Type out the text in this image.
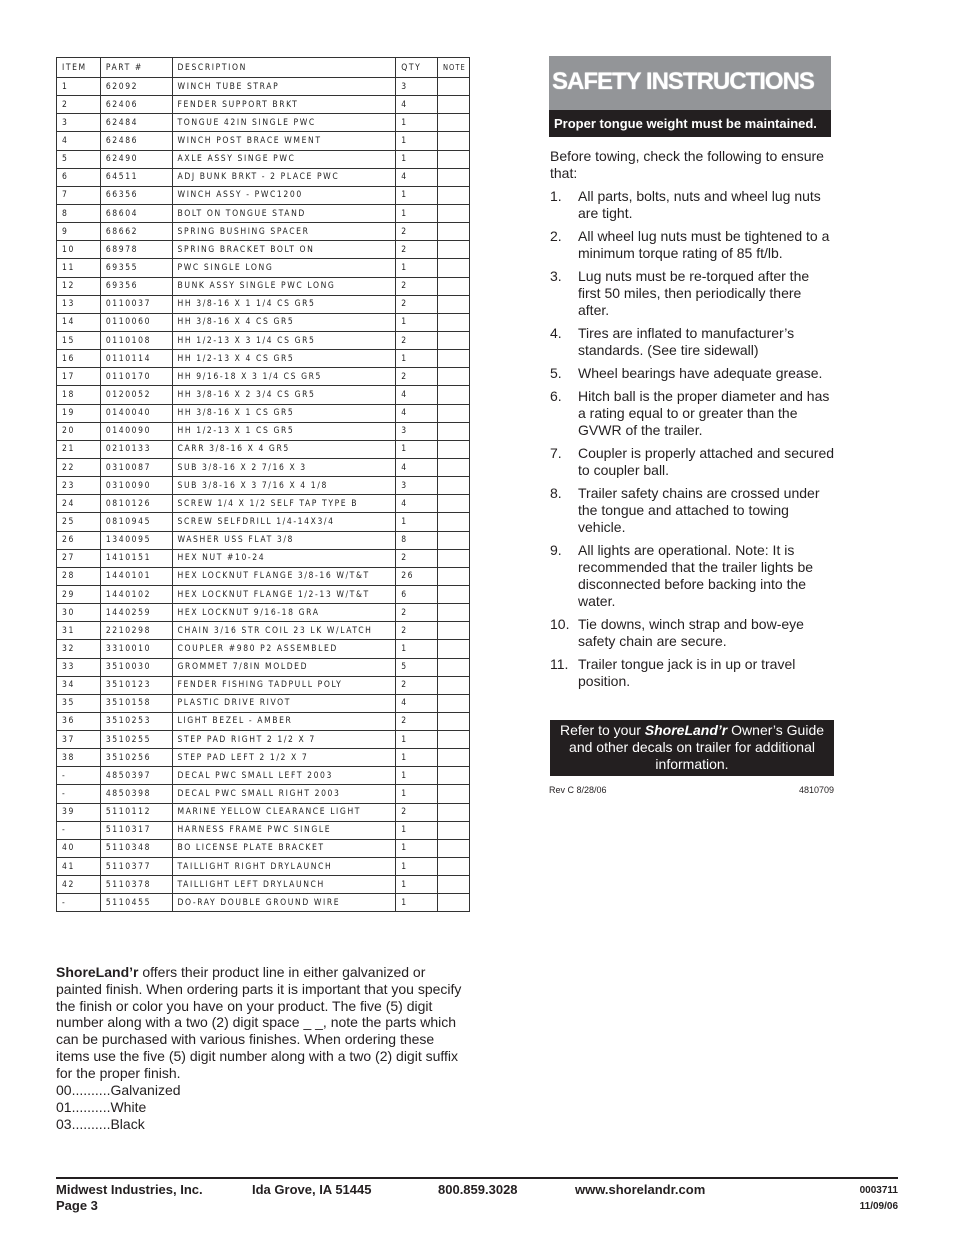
ITEM	PART #	DESCRIPTION	QTY	NOTE
1	62092	WINCH TUBE STRAP	3	
2	62406	FENDER SUPPORT BRKT	4	
3	62484	TONGUE 42IN SINGLE PWC	1	
4	62486	WINCH POST BRACE WMENT	1	
5	62490	AXLE ASSY SINGE PWC	1	
6	64511	ADJ BUNK BRKT - 2 PLACE PWC	4	
7	66356	WINCH ASSY - PWC1200	1	
8	68604	BOLT ON TONGUE STAND	1	
9	68662	SPRING BUSHING SPACER	2	
10	68978	SPRING BRACKET BOLT ON	2	
11	69355	PWC SINGLE LONG	1	
12	69356	BUNK ASSY SINGLE PWC LONG	2	
13	0110037	HH 3/8-16 X 1 1/4 CS GR5	2	
14	0110060	HH 3/8-16 X 4 CS GR5	1	
15	0110108	HH 1/2-13 X 3 1/4 CS GR5	2	
16	0110114	HH 1/2-13 X 4 CS GR5	1	
17	0110170	HH 9/16-18 X 3 1/4 CS GR5	2	
18	0120052	HH 3/8-16 X 2 3/4 CS GR5	4	
19	0140040	HH 3/8-16 X 1 CS GR5	4	
20	0140090	HH 1/2-13 X 1 CS GR5	3	
21	0210133	CARR 3/8-16 X 4 GR5	1	
22	0310087	SUB 3/8-16 X 2 7/16 X 3	4	
23	0310090	SUB 3/8-16 X 3 7/16 X 4 1/8	3	
24	0810126	SCREW 1/4 X 1/2 SELF TAP TYPE B	4	
25	0810945	SCREW SELFDRILL 1/4-14X3/4	1	
26	1340095	WASHER USS FLAT 3/8	8	
27	1410151	HEX NUT #10-24	2	
28	1440101	HEX LOCKNUT FLANGE 3/8-16 W/T&T	26	
29	1440102	HEX LOCKNUT FLANGE 1/2-13 W/T&T	6	
30	1440259	HEX LOCKNUT 9/16-18 GRA	2	
31	2210298	CHAIN 3/16 STR COIL 23 LK W/LATCH	2	
32	3310010	COUPLER #980 P2 ASSEMBLED	1	
33	3510030	GROMMET 7/8IN MOLDED	5	
34	3510123	FENDER FISHING TADPULL POLY	2	
35	3510158	PLASTIC DRIVE RIVOT	4	
36	3510253	LIGHT BEZEL - AMBER	2	
37	3510255	STEP PAD RIGHT 2 1/2 X 7	1	
38	3510256	STEP PAD LEFT 2 1/2 X 7	1	
-	4850397	DECAL PWC SMALL LEFT 2003	1	
-	4850398	DECAL PWC SMALL RIGHT 2003	1	
39	5110112	MARINE YELLOW CLEARANCE LIGHT	2	
-	5110317	HARNESS FRAME PWC SINGLE	1	
40	5110348	BO LICENSE PLATE BRACKET	1	
41	5110377	TAILLIGHT RIGHT DRYLAUNCH	1	
42	5110378	TAILLIGHT LEFT DRYLAUNCH	1	
-	5110455	DO-RAY DOUBLE GROUND WIRE	1	
SAFETY INSTRUCTIONS
Proper tongue weight must be maintained.

Before towing, check the following to ensure that:

1. All parts, bolts, nuts and wheel lug nuts are tight.
2. All wheel lug nuts must be tightened to a minimum torque rating of 85 ft/lb.
3. Lug nuts must be re-torqued after the first 50 miles, then periodically there after.
4. Tires are inflated to manufacturer’s standards. (See tire sidewall)
5. Wheel bearings have adequate grease.
6. Hitch ball is the proper diameter and has a rating equal to or greater than the GVWR of the trailer.
7. Coupler is properly attached and secured to coupler ball.
8. Trailer safety chains are crossed under the tongue and attached to towing vehicle.
9. All lights are operational. Note: It is recommended that the trailer lights be disconnected before backing into the water.
10. Tie downs, winch strap and bow-eye safety chain are secure.
11. Trailer tongue jack is in up or travel position.
Refer to your ShoreLand’r Owner’s Guide and other decals on trailer for additional information.
Rev C 8/28/06	4810709
ShoreLand’r offers their product line in either galvanized or painted finish. When ordering parts it is important that you specify the finish or color you have on your product. The five (5) digit number along with a two (2) digit space _ _, note the parts which can be purchased with various finishes. When ordering these items use the five (5) digit number along with a two (2) digit suffix for the proper finish.
00..........Galvanized
01..........White
03..........Black
Midwest Industries, Inc.
Page 3
Ida Grove, IA 51445	800.859.3028	www.shorelandr.com	0003711
11/09/06
